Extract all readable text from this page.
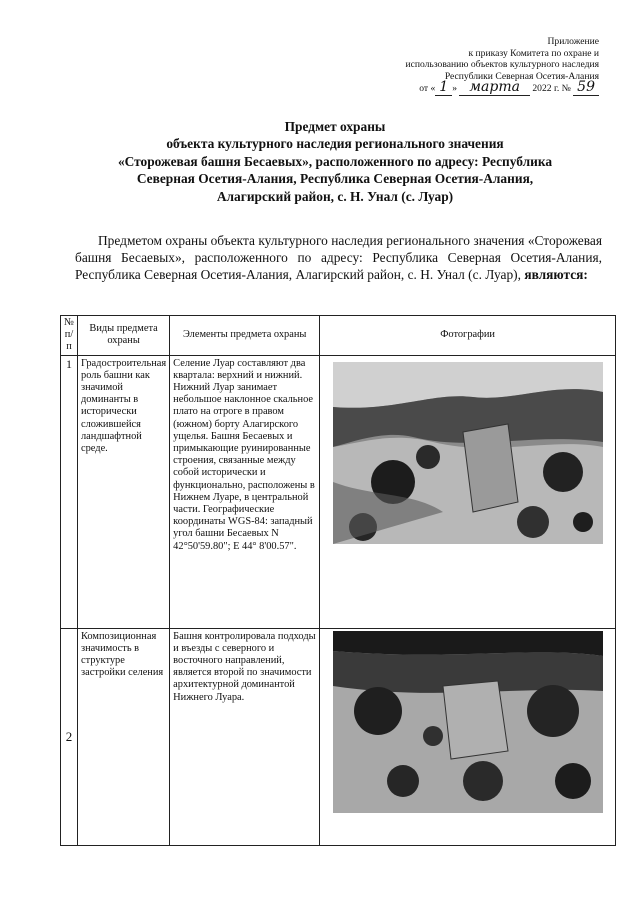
Приложение
к приказу Комитета по охране и
использованию объектов культурного наследия
Республики Северная Осетия-Алания
от « 1 » марта 2022 г. № 59
Предмет охраны
объекта культурного наследия регионального значения
«Сторожевая башня Бесаевых», расположенного по адресу: Республика
Северная Осетия-Алания, Республика Северная Осетия-Алания,
Алагирский район, с. Н. Унал (с. Луар)
Предметом охраны объекта культурного наследия регионального значения «Сторожевая башня Бесаевых», расположенного по адресу: Республика Северная Осетия-Алания, Республика Северная Осетия-Алания, Алагирский район, с. Н. Унал (с. Луар), являются:
№ п/п	Виды предмета охраны	Элементы предмета охраны	Фотографии
1	Градостроительная роль башни как значимой доминанты в исторически сложившейся ландшафтной среде.	Селение Луар составляют два квартала: верхний и нижний. Нижний Луар занимает небольшое наклонное скальное плато на отроге в правом (южном) борту Алагирского ущелья. Башня Бесаевых и примыкающие руинированные строения, связанные между собой исторически и функционально, расположены в Нижнем Луаре, в центральной части. Географические координаты WGS-84: западный угол башни Бесаевых N 42°50'59.80"; E 44° 8'00.57".	

2	Композиционная значимость в структуре застройки селения	Башня контролировала подходы и въезды с северного и восточного направлений, является второй по значимости архитектурной доминантой Нижнего Луара.	
